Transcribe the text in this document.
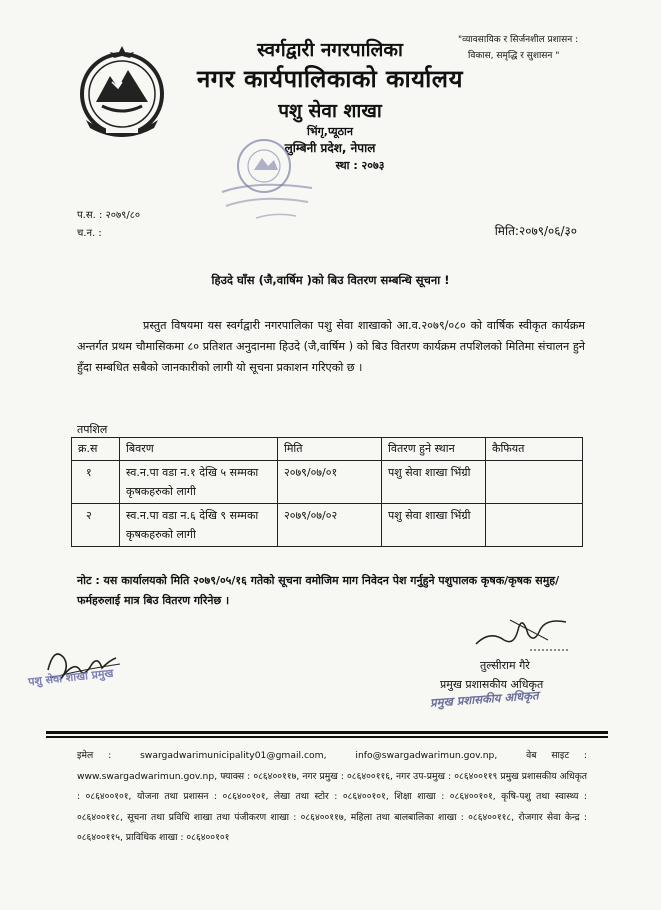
"व्यावसायिक र सिर्जनशील प्रशासन :
विकास, समृद्धि र सुशासन "
स्वर्गद्वारी नगरपालिका
नगर कार्यपालिकाको कार्यालय
पशु सेवा शाखा
भिंगृ,प्यूठान
लुम्बिनी प्रदेश, नेपाल
स्था : २०७३
प.स. : २०७९/८०
च.न. :	मिति:२०७९/०६/३०
हिउदे घाँस (जै,वार्षिम )को बिउ वितरण सम्बन्धि सूचना !
प्रस्तुत विषयमा यस स्वर्गद्वारी नगरपालिका पशु सेवा शाखाको आ.व.२०७९/०८० को वार्षिक स्वीकृत कार्यक्रम अन्तर्गत प्रथम चौमासिकमा ८० प्रतिशत अनुदानमा हिउदे (जै,वार्षिम ) को बिउ वितरण कार्यक्रम तपशिलको मितिमा संचालन हुने हुँदा सम्बधित सबैको जानकारीको लागी यो सूचना प्रकाशन गरिएको छ ।
तपशिल
क्र.स	बिवरण	मिति	वितरण हुने स्थान	कैफियत
१	स्व.न.पा वडा न.१ देखि ५ सम्मका कृषकहरुको लागी	२०७९/०७/०१	पशु सेवा शाखा भिंग्री	
२	स्व.न.पा वडा न.६ देखि ९ सम्मका कृषकहरुको लागी	२०७९/०७/०२	पशु सेवा शाखा भिंग्री	
नोट : यस कार्यालयको मिति २०७९/०५/१६ गतेको सूचना वमोजिम माग निवेदन पेश गर्नुहुने पशुपालक कृषक/कृषक समुह/फर्महरुलाई मात्र बिउ वितरण गरिनेछ ।
पशु सेवा शाखा प्रमुख
तुल्सीराम गैरे
प्रमुख प्रशासकीय अधिकृत
प्रमुख प्रशासकीय अधिकृत
इमेल :	swargadwarimunicipality01@gmail.com,	info@swargadwarimun.gov.np,	वेब साइट : www.swargadwarimun.gov.np, फ्याक्स : ०८६४००११७, नगर प्रमुख : ०८६४००११६, नगर उप-प्रमुख : ०८६४००११९ प्रमुख प्रशासकीय अधिकृत : ०८६४००१०१, योजना तथा प्रशासन : ०८६४००१०१, लेखा तथा स्टोर : ०८६४००१०१, शिक्षा शाखा : ०८६४००१०१, कृषि-पशु तथा स्वास्थ्य : ०८६४००११८, सूचना तथा प्रविधि शाखा तथा पंजीकरण शाखा : ०८६४००११७, महिला तथा बालबालिका शाखा : ०८६४००११८, रोजगार सेवा केन्द्र : ०८६४००११५, प्राविधिक शाखा : ०८६४००१०१
